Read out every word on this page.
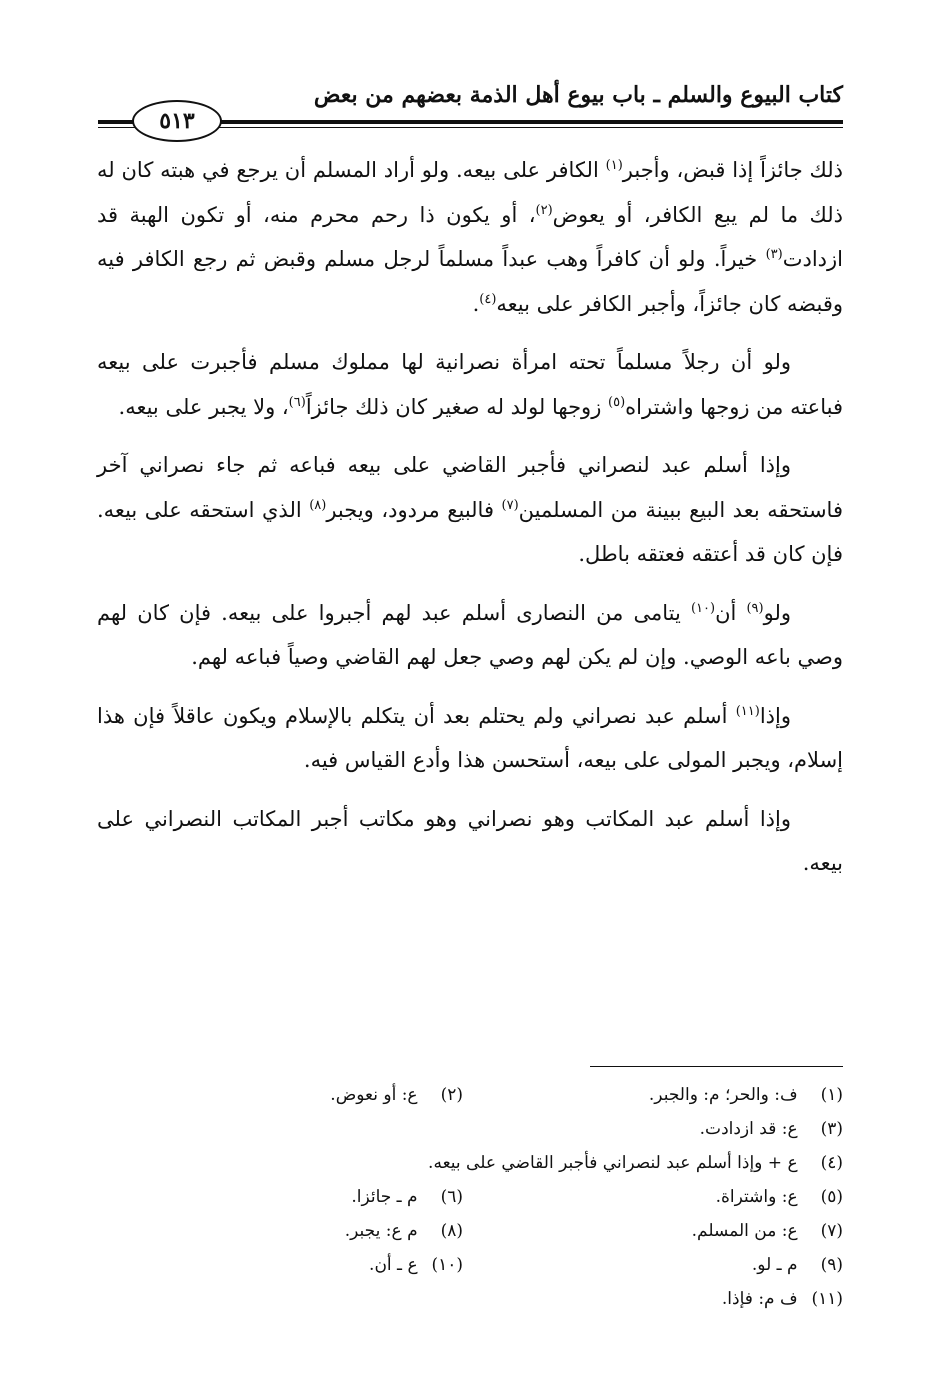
كتاب البيوع والسلم ـ باب بيوع أهل الذمة بعضهم من بعض
٥١٣

ذلك جائزاً إذا قبض، وأجبر$^{(١)}$ الكافر على بيعه. ولو أراد المسلم أن يرجع في هبته كان له ذلك ما لم يبع الكافر، أو يعوض$^{(٢)}$، أو يكون ذا رحم محرم منه، أو تكون الهبة قد ازدادت$^{(٣)}$ خيراً. ولو أن كافراً وهب عبداً مسلماً لرجل مسلم وقبض ثم رجع الكافر فيه وقبضه كان جائزاً، وأجبر الكافر على بيعه$^{(٤)}$.

ولو أن رجلاً مسلماً تحته امرأة نصرانية لها مملوك مسلم فأجبرت على بيعه فباعته من زوجها واشتراه$^{(٥)}$ زوجها لولد له صغير كان ذلك جائزاً$^{(٦)}$، ولا يجبر على بيعه.

وإذا أسلم عبد لنصراني فأجبر القاضي على بيعه فباعه ثم جاء نصراني آخر فاستحقه بعد البيع ببينة من المسلمين$^{(٧)}$ فالبيع مردود، ويجبر$^{(٨)}$ الذي استحقه على بيعه. فإن كان قد أعتقه فعتقه باطل.

ولو$^{(٩)}$ أن$^{(١٠)}$ يتامى من النصارى أسلم عبد لهم أجبروا على بيعه. فإن كان لهم وصي باعه الوصي. وإن لم يكن لهم وصي جعل لهم القاضي وصياً فباعه لهم.

وإذا$^{(١١)}$ أسلم عبد نصراني ولم يحتلم بعد أن يتكلم بالإسلام ويكون عاقلاً فإن هذا إسلام، ويجبر المولى على بيعه، أستحسن هذا وأدع القياس فيه.

وإذا أسلم عبد المكاتب وهو نصراني وهو مكاتب أجبر المكاتب النصراني على بيعه.

(١) ف: والحر؛ م: والجبر.
(٢) ع: أو نعوض.
(٣) ع: قد ازدادت.
(٤) ع + وإذا أسلم عبد لنصراني فأجبر القاضي على بيعه.
(٥) ع: واشتراة.
(٦) م ـ جائزا.
(٧) ع: من المسلم.
(٨) م ع: يجبر.
(٩) م ـ لو.
(١٠) ع ـ أن.
(١١) ف م: فإذا.
